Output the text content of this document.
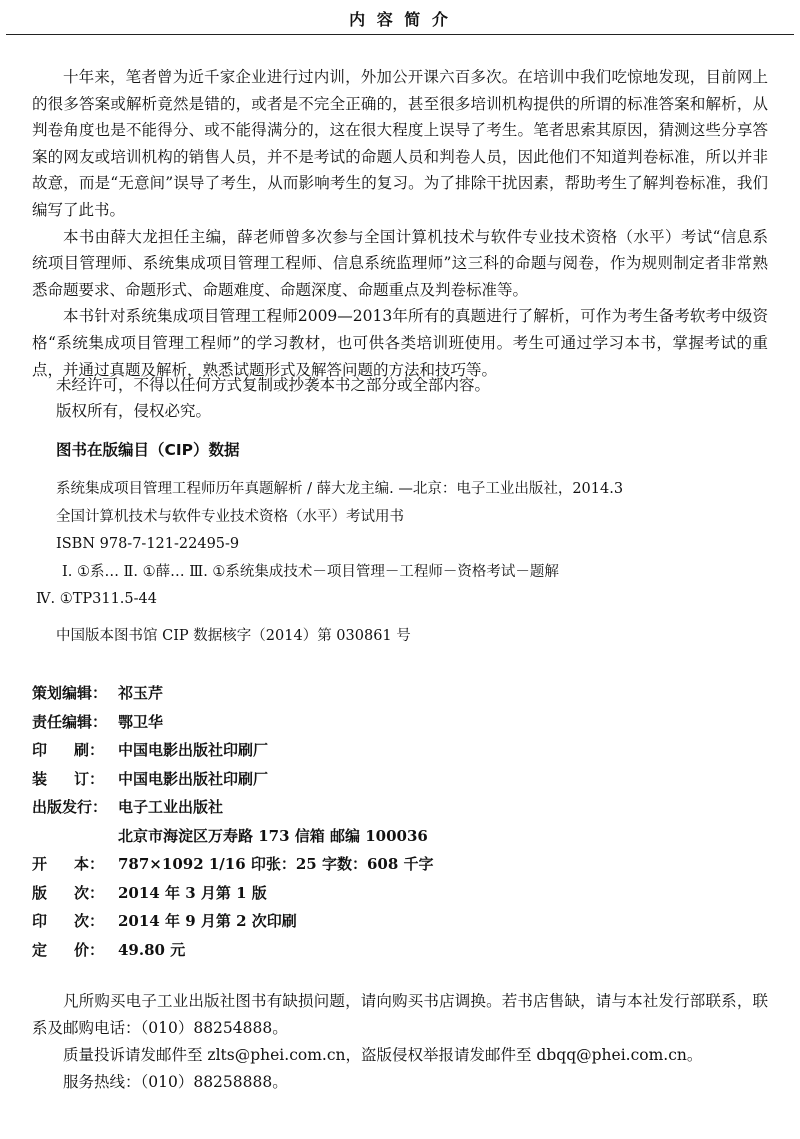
内 容 简 介

十年来，笔者曾为近千家企业进行过内训，外加公开课六百多次。在培训中我们吃惊地发现，目前网上的很多答案或解析竟然是错的，或者是不完全正确的，甚至很多培训机构提供的所谓的标准答案和解析，从判卷角度也是不能得分、或不能得满分的，这在很大程度上误导了考生。笔者思索其原因，猜测这些分享答案的网友或培训机构的销售人员，并不是考试的命题人员和判卷人员，因此他们不知道判卷标准，所以并非故意，而是“无意间”误导了考生，从而影响考生的复习。为了排除干扰因素，帮助考生了解判卷标准，我们编写了此书。

本书由薛大龙担任主编，薛老师曾多次参与全国计算机技术与软件专业技术资格（水平）考试“信息系统项目管理师、系统集成项目管理工程师、信息系统监理师”这三科的命题与阅卷，作为规则制定者非常熟悉命题要求、命题形式、命题难度、命题深度、命题重点及判卷标准等。

本书针对系统集成项目管理工程师2009—2013年所有的真题进行了解析，可作为考生备考软考中级资格“系统集成项目管理工程师”的学习教材，也可供各类培训班使用。考生可通过学习本书，掌握考试的重点，并通过真题及解析，熟悉试题形式及解答问题的方法和技巧等。

未经许可，不得以任何方式复制或抄袭本书之部分或全部内容。
版权所有，侵权必究。
图书在版编目（CIP）数据
系统集成项目管理工程师历年真题解析 / 薛大龙主编. —北京：电子工业出版社，2014.3
全国计算机技术与软件专业技术资格（水平）考试用书
ISBN 978-7-121-22495-9
Ⅰ. ①系… Ⅱ. ①薛… Ⅲ. ①系统集成技术－项目管理－工程师－资格考试－题解
Ⅳ. ①TP311.5-44
中国版本图书馆 CIP 数据核字（2014）第 030861 号
策划编辑： 祁玉芹
责任编辑： 鄂卫华
印 刷： 中国电影出版社印刷厂
装 订： 中国电影出版社印刷厂
出版发行： 电子工业出版社
北京市海淀区万寿路 173 信箱 邮编 100036
开 本： 787×1092 1/16 印张：25 字数：608 千字
版 次： 2014 年 3 月第 1 版
印 次： 2014 年 9 月第 2 次印刷
定 价： 49.80 元

凡所购买电子工业出版社图书有缺损问题，请向购买书店调换。若书店售缺，请与本社发行部联系，联系及邮购电话：（010）88254888。

质量投诉请发邮件至 zlts@phei.com.cn，盗版侵权举报请发邮件至 dbqq@phei.com.cn。

服务热线：（010）88258888。
